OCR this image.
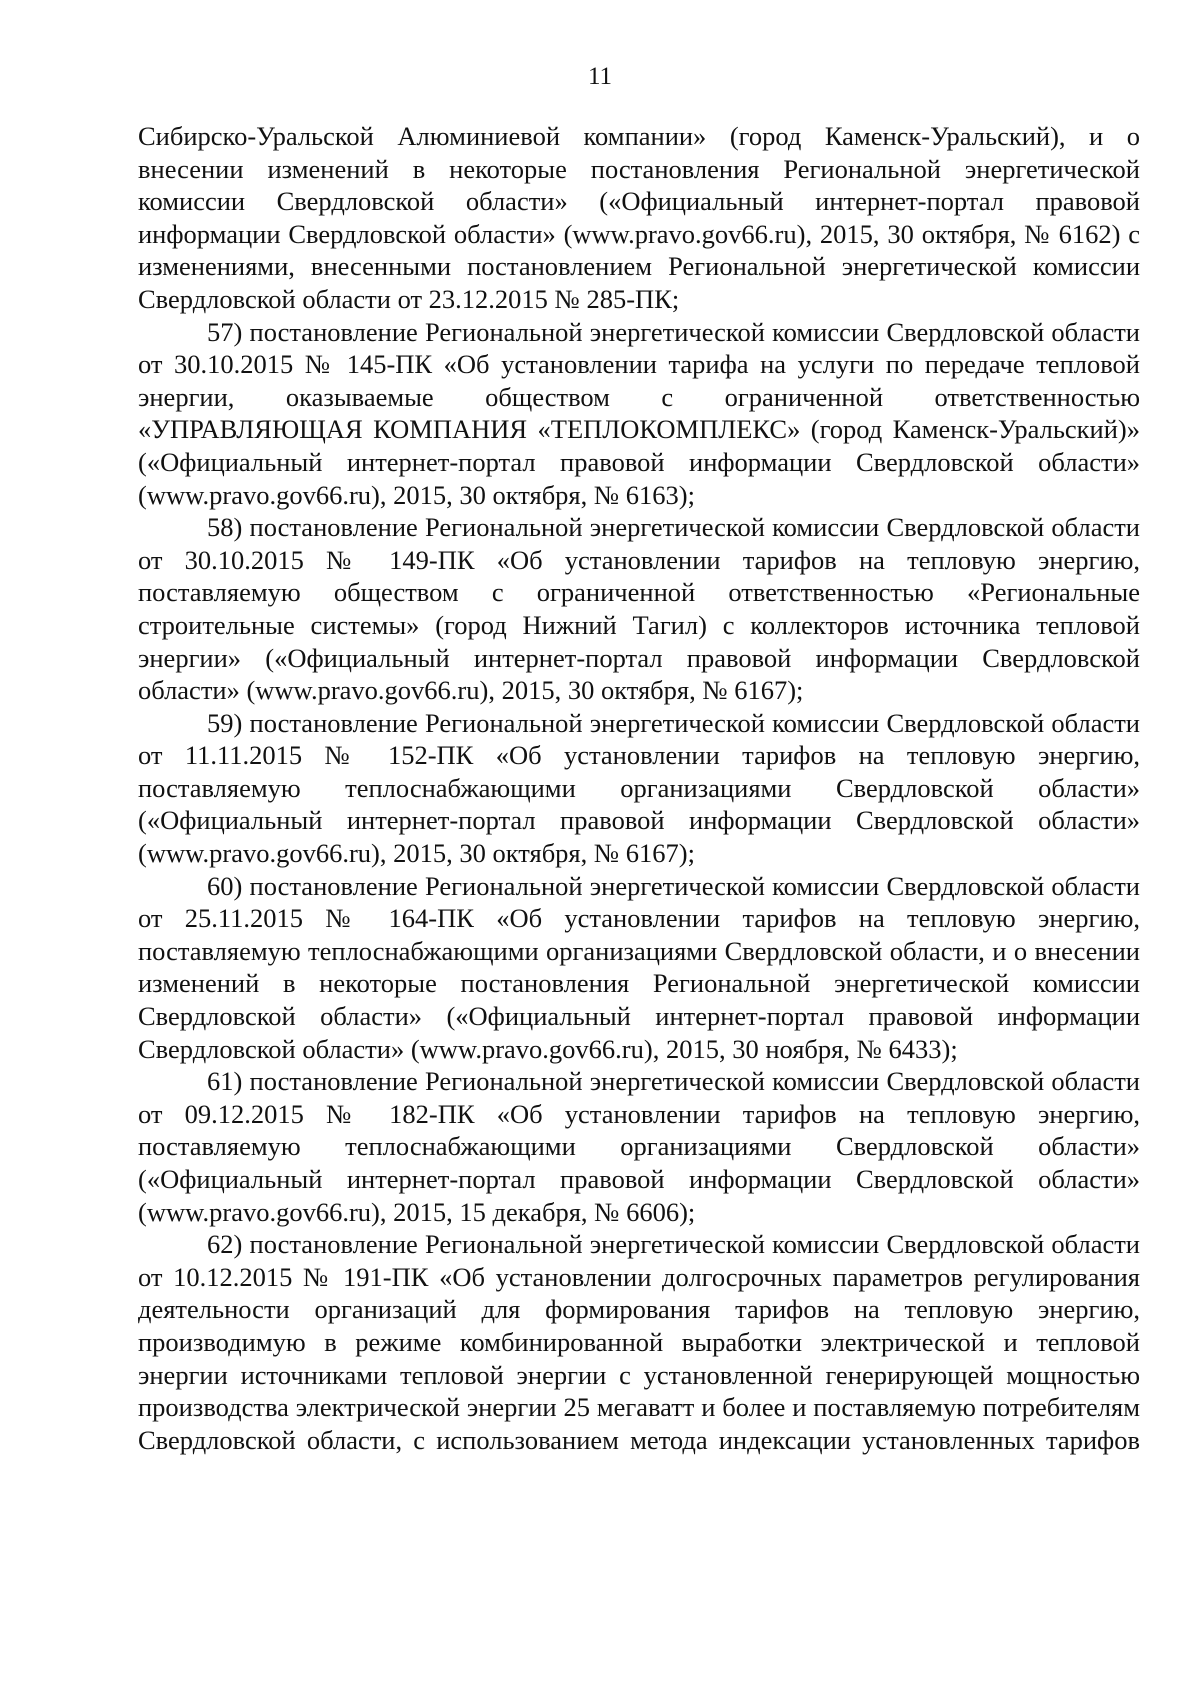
11

Сибирско-Уральской Алюминиевой компании» (город Каменск-Уральский), и о внесении изменений в некоторые постановления Региональной энергетической комиссии Свердловской области» («Официальный интернет-портал правовой информации Свердловской области» (www.pravo.gov66.ru), 2015, 30 октября, № 6162) с изменениями, внесенными постановлением Региональной энергетической комиссии Свердловской области от 23.12.2015 № 285-ПК;

57) постановление Региональной энергетической комиссии Свердловской области от 30.10.2015 № 145-ПК «Об установлении тарифа на услуги по передаче тепловой энергии, оказываемые обществом с ограниченной ответственностью «УПРАВЛЯЮЩАЯ КОМПАНИЯ «ТЕПЛОКОМПЛЕКС» (город Каменск-Уральский)» («Официальный интернет-портал правовой информации Свердловской области» (www.pravo.gov66.ru), 2015, 30 октября, № 6163);

58) постановление Региональной энергетической комиссии Свердловской области от 30.10.2015 № 149-ПК «Об установлении тарифов на тепловую энергию, поставляемую обществом с ограниченной ответственностью «Региональные строительные системы» (город Нижний Тагил) с коллекторов источника тепловой энергии» («Официальный интернет-портал правовой информации Свердловской области» (www.pravo.gov66.ru), 2015, 30 октября, № 6167);

59) постановление Региональной энергетической комиссии Свердловской области от 11.11.2015 № 152-ПК «Об установлении тарифов на тепловую энергию, поставляемую теплоснабжающими организациями Свердловской области» («Официальный интернет-портал правовой информации Свердловской области» (www.pravo.gov66.ru), 2015, 30 октября, № 6167);

60) постановление Региональной энергетической комиссии Свердловской области от 25.11.2015 № 164-ПК «Об установлении тарифов на тепловую энергию, поставляемую теплоснабжающими организациями Свердловской области, и о внесении изменений в некоторые постановления Региональной энергетической комиссии Свердловской области» («Официальный интернет-портал правовой информации Свердловской области» (www.pravo.gov66.ru), 2015, 30 ноября, № 6433);

61) постановление Региональной энергетической комиссии Свердловской области от 09.12.2015 № 182-ПК «Об установлении тарифов на тепловую энергию, поставляемую теплоснабжающими организациями Свердловской области» («Официальный интернет-портал правовой информации Свердловской области» (www.pravo.gov66.ru), 2015, 15 декабря, № 6606);

62) постановление Региональной энергетической комиссии Свердловской области от 10.12.2015 № 191-ПК «Об установлении долгосрочных параметров регулирования деятельности организаций для формирования тарифов на тепловую энергию, производимую в режиме комбинированной выработки электрической и тепловой энергии источниками тепловой энергии с установленной генерирующей мощностью производства электрической энергии 25 мегаватт и более и поставляемую потребителям Свердловской области, с использованием метода индексации установленных тарифов
